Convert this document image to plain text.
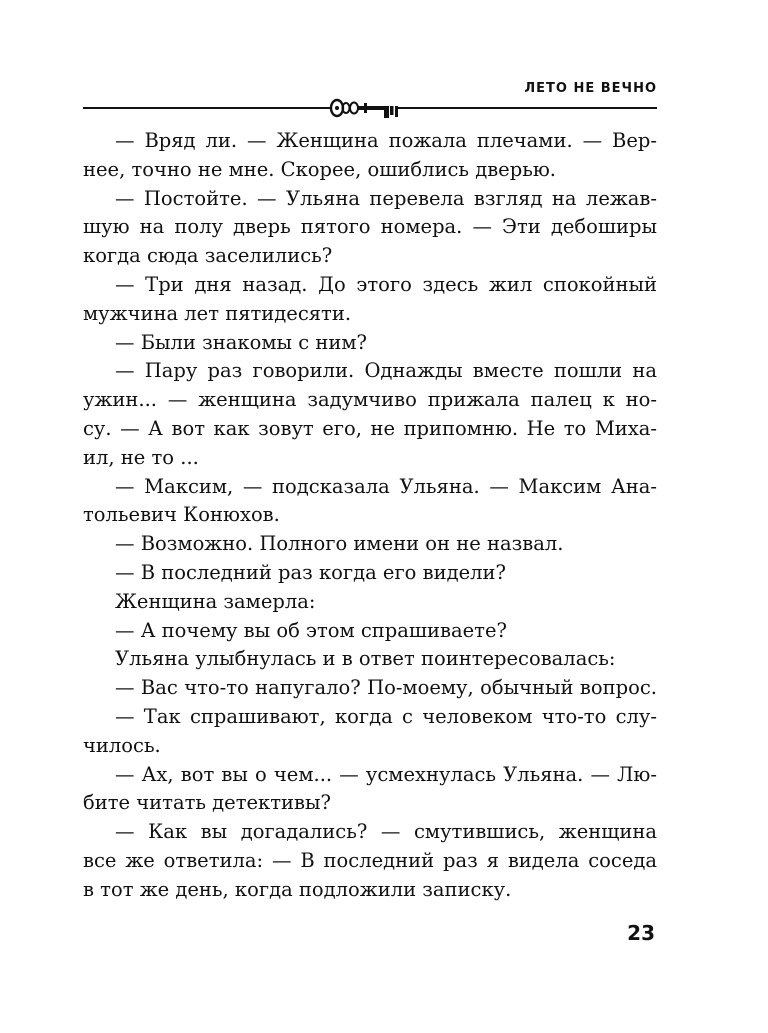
ЛЕТО НЕ ВЕЧНО
— Вряд ли. — Женщина пожала плечами. — Вер-
нее, точно не мне. Скорее, ошиблись дверью.
— Постойте. — Ульяна перевела взгляд на лежав-
шую на полу дверь пятого номера. — Эти дебоширы
когда сюда заселились?
— Три дня назад. До этого здесь жил спокойный
мужчина лет пятидесяти.
— Были знакомы с ним?
— Пару раз говорили. Однажды вместе пошли на
ужин... — женщина задумчиво прижала палец к но-
су. — А вот как зовут его, не припомню. Не то Миха-
ил, не то ...
— Максим, — подсказала Ульяна. — Максим Ана-
тольевич Конюхов.
— Возможно. Полного имени он не назвал.
— В последний раз когда его видели?
Женщина замерла:
— А почему вы об этом спрашиваете?
Ульяна улыбнулась и в ответ поинтересовалась:
— Вас что-то напугало? По-моему, обычный вопрос.
— Так спрашивают, когда с человеком что-то слу-
чилось.
— Ах, вот вы о чем... — усмехнулась Ульяна. — Лю-
бите читать детективы?
— Как вы догадались? — смутившись, женщина
все же ответила: — В последний раз я видела соседа
в тот же день, когда подложили записку.
23
